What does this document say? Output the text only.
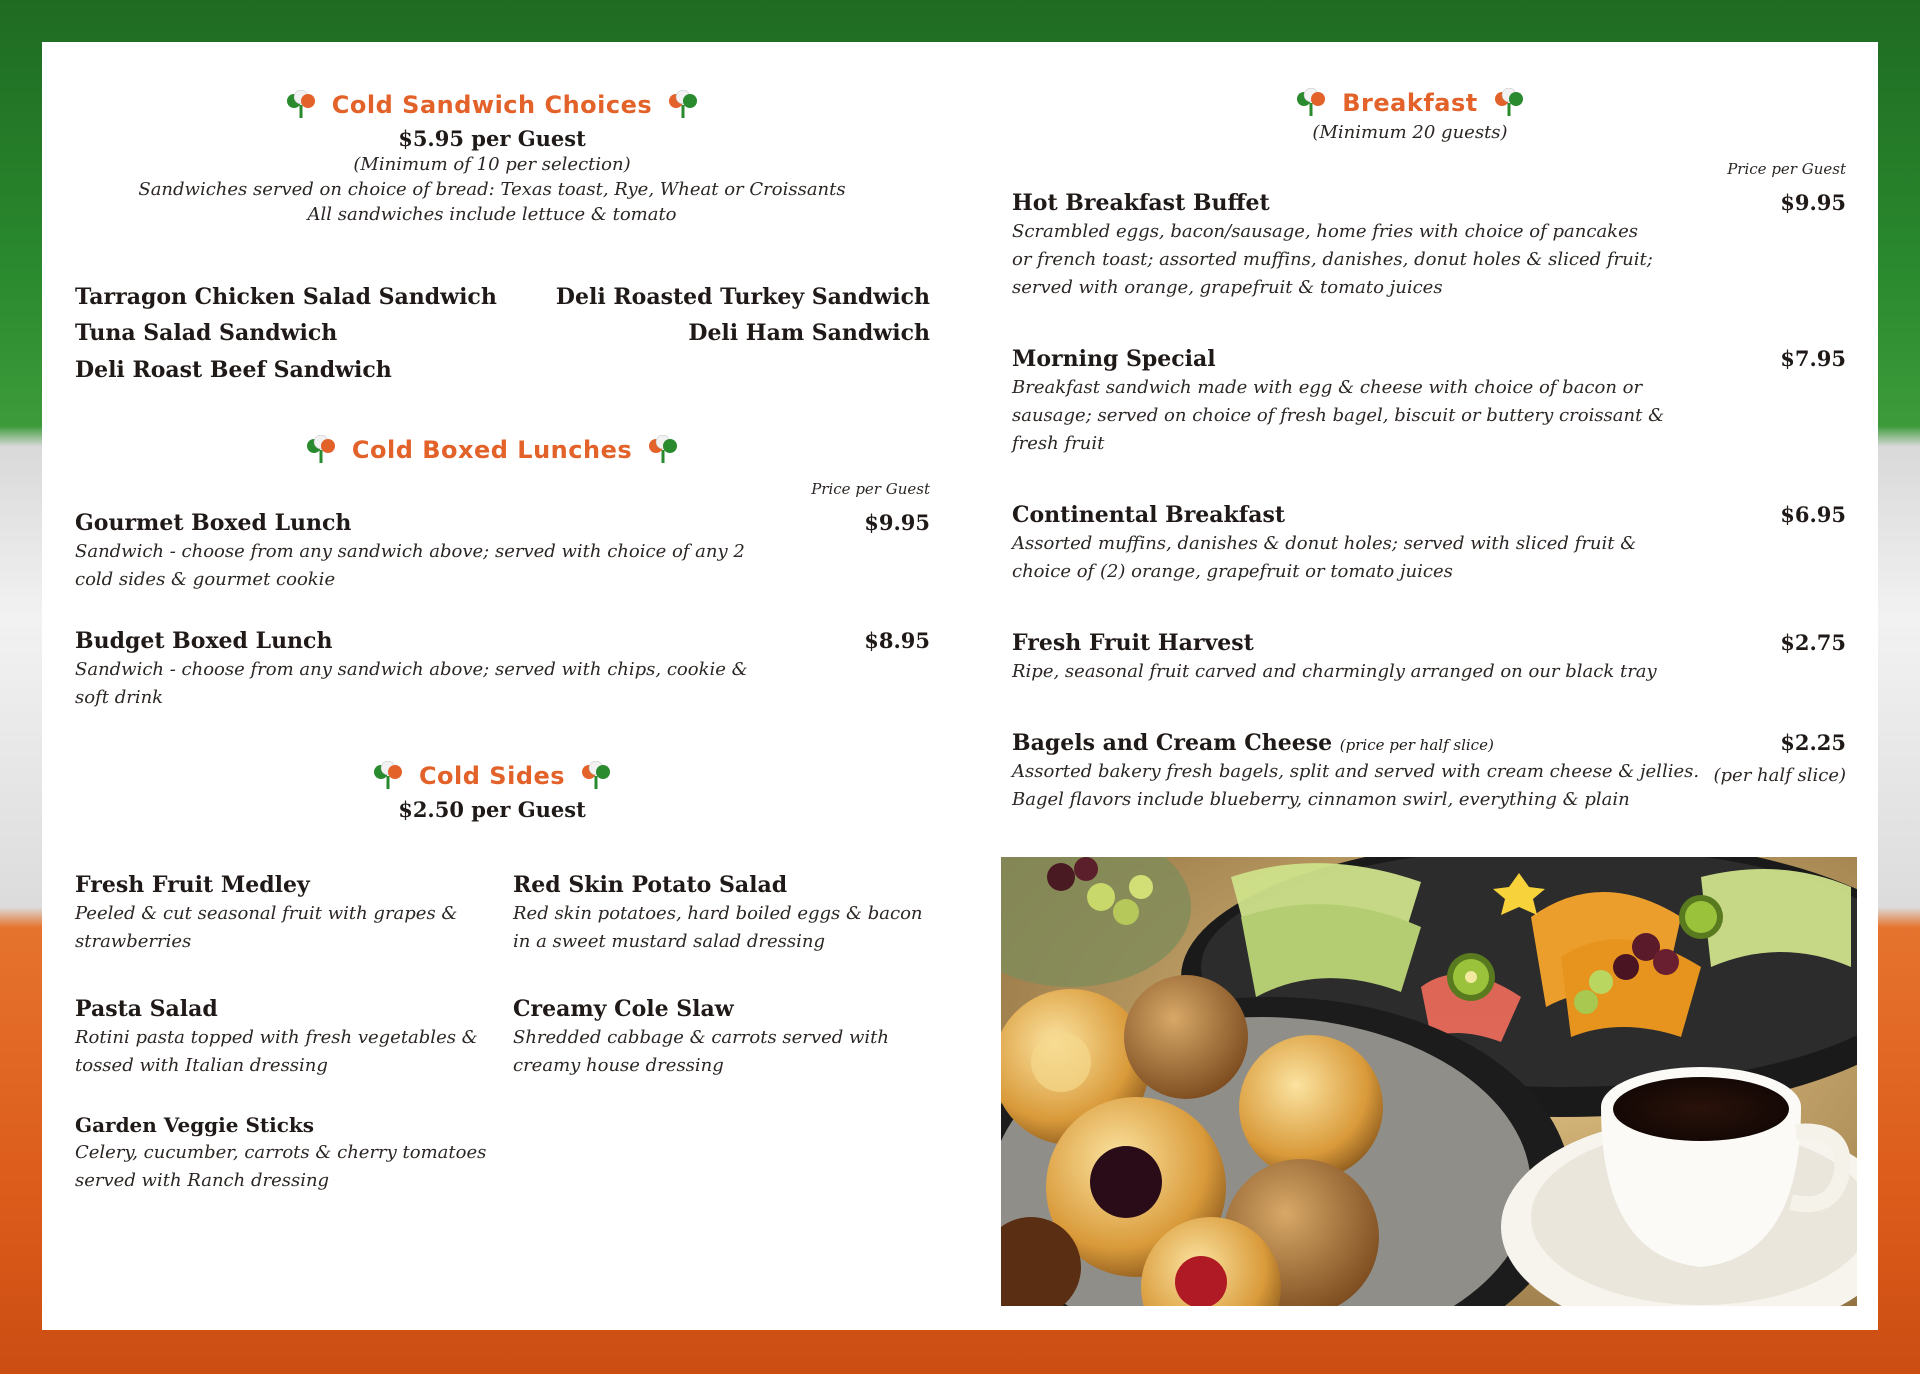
Cold Sandwich Choices
$5.95 per Guest
(Minimum of 10 per selection)
Sandwiches served on choice of bread: Texas toast, Rye, Wheat or Croissants
All sandwiches include lettuce & tomato
Tarragon Chicken Salad Sandwich
Tuna Salad Sandwich
Deli Roast Beef Sandwich
Deli Roasted Turkey Sandwich
Deli Ham Sandwich
Cold Boxed Lunches
Price per Guest
Gourmet Boxed Lunch
Sandwich - choose from any sandwich above; served with choice of any 2
cold sides & gourmet cookie
$9.95
Budget Boxed Lunch
Sandwich - choose from any sandwich above; served with chips, cookie &
soft drink
$8.95
Cold Sides
$2.50 per Guest
Fresh Fruit Medley
Peeled & cut seasonal fruit with grapes &
strawberries
Red Skin Potato Salad
Red skin potatoes, hard boiled eggs & bacon
in a sweet mustard salad dressing
Pasta Salad
Rotini pasta topped with fresh vegetables &
tossed with Italian dressing
Creamy Cole Slaw
Shredded cabbage & carrots served with
creamy house dressing
Garden Veggie Sticks
Celery, cucumber, carrots & cherry tomatoes
served with Ranch dressing
Breakfast
(Minimum 20 guests)
Price per Guest
Hot Breakfast Buffet
Scrambled eggs, bacon/sausage, home fries with choice of pancakes
or french toast; assorted muffins, danishes, donut holes & sliced fruit;
served with orange, grapefruit & tomato juices
$9.95
Morning Special
Breakfast sandwich made with egg & cheese with choice of bacon or
sausage; served on choice of fresh bagel, biscuit or buttery croissant &
fresh fruit
$7.95
Continental Breakfast
Assorted muffins, danishes & donut holes; served with sliced fruit &
choice of (2) orange, grapefruit or tomato juices
$6.95
Fresh Fruit Harvest
Ripe, seasonal fruit carved and charmingly arranged on our black tray
$2.75
Bagels and Cream Cheese (price per half slice)
Assorted bakery fresh bagels, split and served with cream cheese & jellies.
Bagel flavors include blueberry, cinnamon swirl, everything & plain
$2.25
(per half slice)
